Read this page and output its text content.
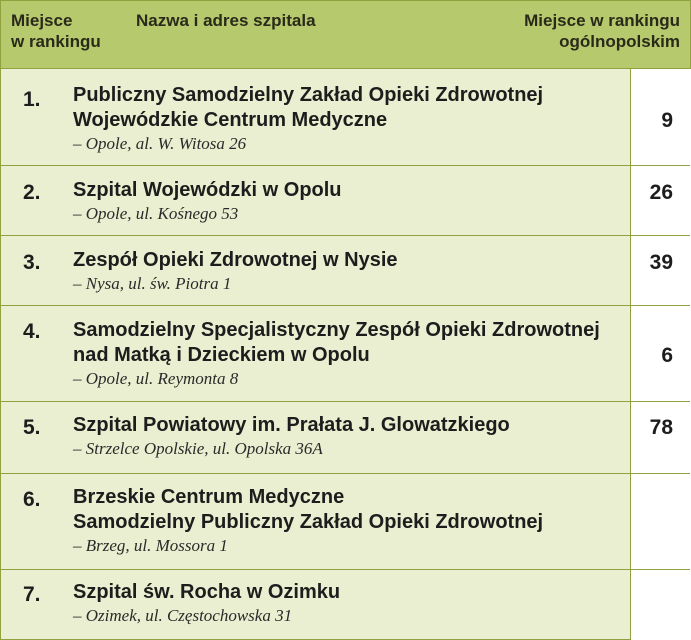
Miejsce
w rankingu
Nazwa i adres szpitala	Miejsce w rankingu
ogólnopolskim
1. Publiczny Samodzielny Zakład Opieki Zdrowotnej
Wojewódzkie Centrum Medyczne
– Opole, al. W. Witosa 26
9
2. Szpital Wojewódzki w Opolu
– Opole, ul. Kośnego 53
26
3. Zespół Opieki Zdrowotnej w Nysie
– Nysa, ul. św. Piotra 1
39
4. Samodzielny Specjalistyczny Zespół Opieki Zdrowotnej
nad Matką i Dzieckiem w Opolu
– Opole, ul. Reymonta 8
6
5. Szpital Powiatowy im. Prałata J. Glowatzkiego
– Strzelce Opolskie, ul. Opolska 36A
78
6. Brzeskie Centrum Medyczne
Samodzielny Publiczny Zakład Opieki Zdrowotnej
– Brzeg, ul. Mossora 1
7. Szpital św. Rocha w Ozimku
– Ozimek, ul. Częstochowska 31
